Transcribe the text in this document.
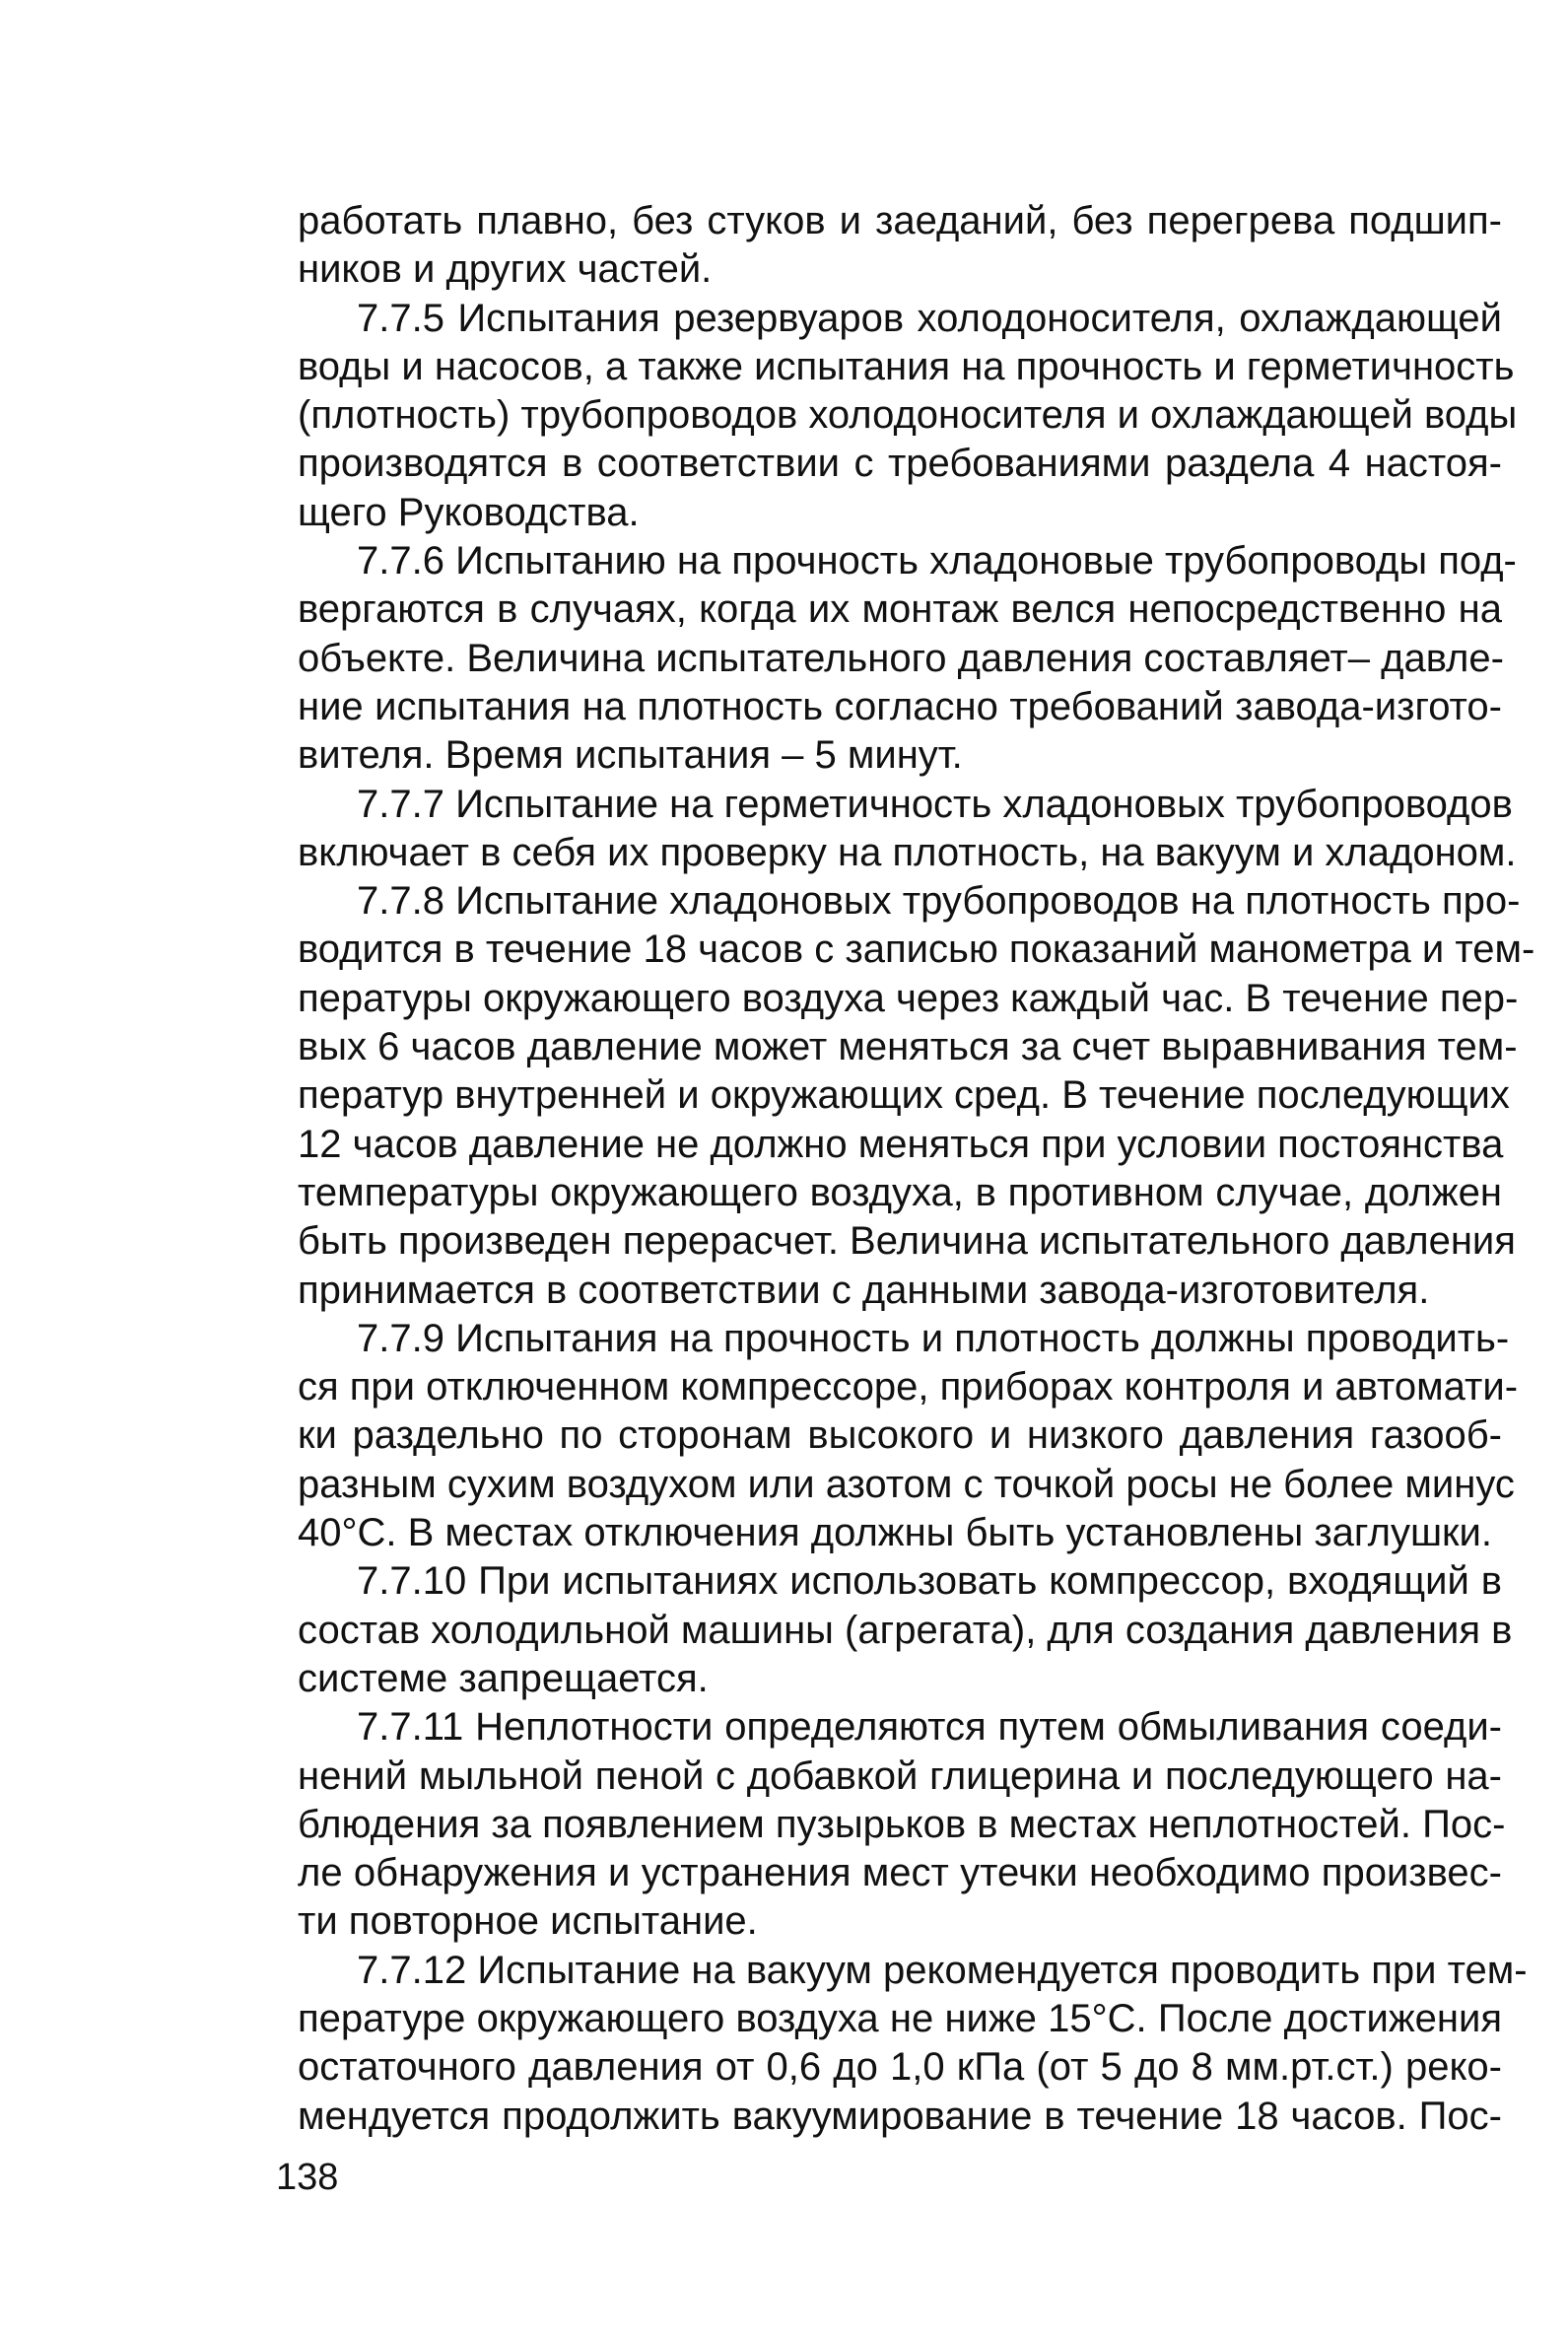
работать плавно, без стуков и заеданий, без перегрева подшип-
ников и других частей.
7.7.5 Испытания резервуаров холодоносителя, охлаждающей
воды и насосов, а также испытания на прочность и герметичность
(плотность) трубопроводов холодоносителя и охлаждающей воды
производятся в соответствии с требованиями раздела 4 настоя-
щего Руководства.
7.7.6 Испытанию на прочность хладоновые трубопроводы под-
вергаются в случаях, когда их монтаж велся непосредственно на
объекте. Величина испытательного давления составляет– давле-
ние испытания на плотность согласно требований завода-изгото-
вителя. Время испытания – 5 минут.
7.7.7 Испытание на герметичность хладоновых трубопроводов
включает в себя их проверку на плотность, на вакуум и хладоном.
7.7.8 Испытание хладоновых трубопроводов на плотность про-
водится в течение 18 часов с записью показаний манометра и тем-
пературы окружающего воздуха через каждый час. В течение пер-
вых 6 часов давление может меняться за счет выравнивания тем-
ператур внутренней и окружающих сред. В течение последующих
12 часов давление не должно меняться при условии постоянства
температуры окружающего воздуха, в противном случае, должен
быть произведен перерасчет. Величина испытательного давления
принимается в соответствии с данными завода-изготовителя.
7.7.9 Испытания на прочность и плотность должны проводить-
ся при отключенном компрессоре, приборах контроля и автомати-
ки раздельно по сторонам высокого и низкого давления газооб-
разным сухим воздухом или азотом с точкой росы не более минус
40°С. В местах отключения должны быть установлены заглушки.
7.7.10 При испытаниях использовать компрессор, входящий в
состав холодильной машины (агрегата), для создания давления в
системе запрещается.
7.7.11 Неплотности определяются путем обмыливания соеди-
нений мыльной пеной с добавкой глицерина и последующего на-
блюдения за появлением пузырьков в местах неплотностей. Пос-
ле обнаружения и устранения мест утечки необходимо произвес-
ти повторное испытание.
7.7.12 Испытание на вакуум рекомендуется проводить при тем-
пературе окружающего воздуха не ниже 15°С. После достижения
остаточного давления от 0,6 до 1,0 кПа (от 5 до 8 мм.рт.ст.) реко-
мендуется продолжить вакуумирование в течение 18 часов. Пос-
138
